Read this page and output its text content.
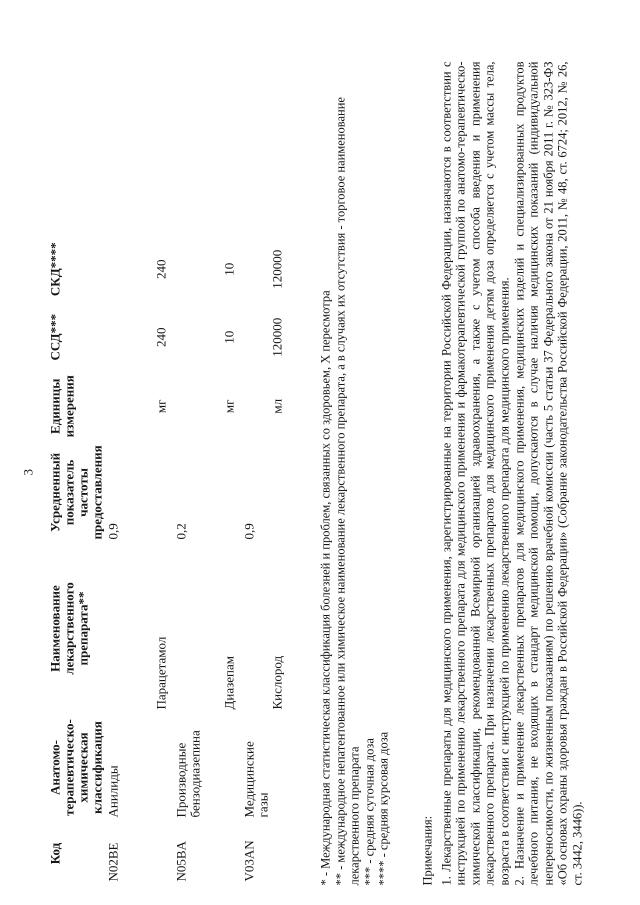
3
Код	Анатомо-терапевтическо-химическая классификация	Наименование лекарственного препарата**	Усредненный показатель частоты предоставления	Единицы измерения	ССД***	СКД****
N02BE	Анилиды		0,9			
		Парацетамол		мг	240	240
N05BA	Производные бензодиазепина		0,2			
		Диазепам		мг	10	10
V03AN	Медицинские газы		0,9			
		Кислород		мл	120000	120000
* - Международная статистическая классификация болезней и проблем, связанных со здоровьем, X пересмотра ** - международное непатентованное или химическое наименование лекарственного препарата, а в случаях их отсутствия - торговое наименование лекарственного препарата *** - средняя суточная доза **** - средняя курсовая доза Примечания: 1. Лекарственные препараты для медицинского применения, зарегистрированные на территории Российской Федерации, назначаются в соответствии с инструкцией по применению лекарственного препарата для медицинского применения и фармакотерапевтической группой по анатомо-терапевтическо-химической классификации, рекомендованной Всемирной организацией здравоохранения, а также с учетом способа введения и применения лекарственного препарата. При назначении лекарственных препаратов для медицинского применения детям доза определяется с учетом массы тела, возраста в соответствии с инструкцией по применению лекарственного препарата для медицинского применения. 2. Назначение и применение лекарственных препаратов для медицинского применения, медицинских изделий и специализированных продуктов лечебного питания, не входящих в стандарт медицинской помощи, допускаются в случае наличия медицинских показаний (индивидуальной непереносимости, по жизненным показаниям) по решению врачебной комиссии (часть 5 статьи 37 Федерального закона от 21 ноября 2011 г. № 323-ФЗ «Об основах охраны здоровья граждан в Российской Федерации» (Собрание законодательства Российской Федерации, 2011, № 48, ст. 6724; 2012, № 26, ст. 3442, 3446)).
